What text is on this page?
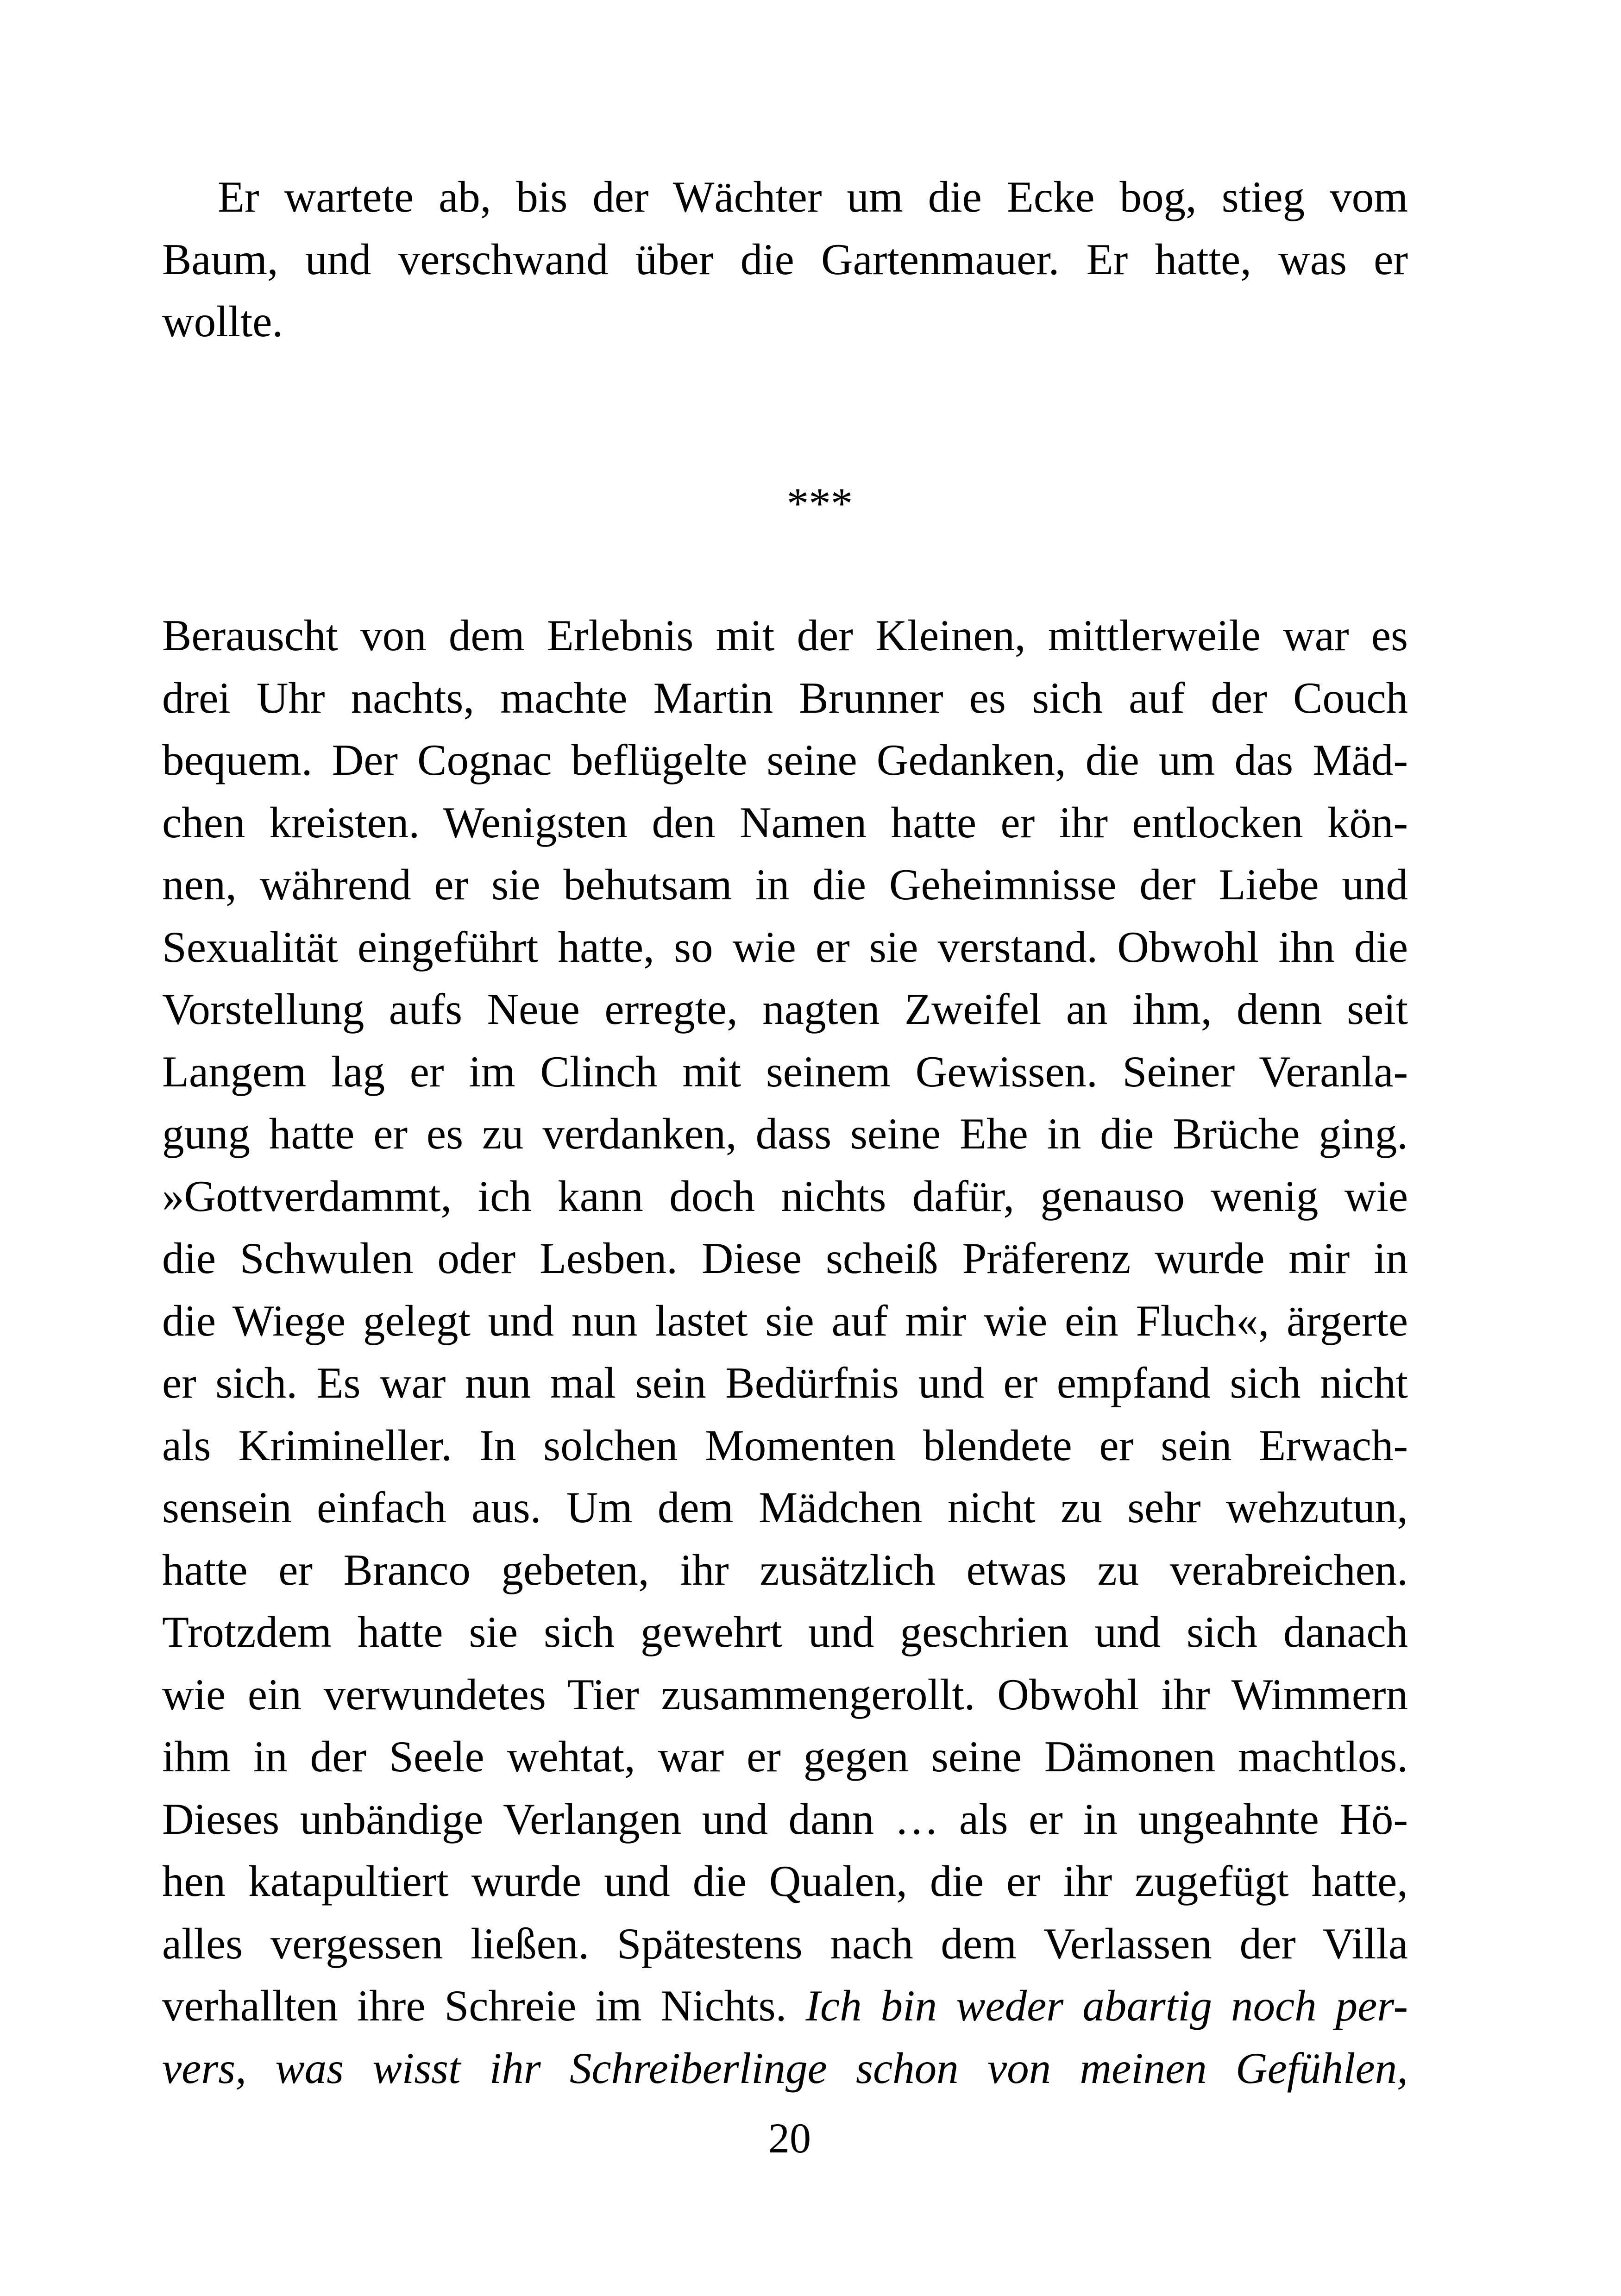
Er wartete ab, bis der Wächter um die Ecke bog, stieg vom
Baum, und verschwand über die Gartenmauer. Er hatte, was er
wollte.
***
Berauscht von dem Erlebnis mit der Kleinen, mittlerweile war es
drei Uhr nachts, machte Martin Brunner es sich auf der Couch
bequem. Der Cognac beflügelte seine Gedanken, die um das Mäd-
chen kreisten. Wenigsten den Namen hatte er ihr entlocken kön-
nen, während er sie behutsam in die Geheimnisse der Liebe und
Sexualität eingeführt hatte, so wie er sie verstand. Obwohl ihn die
Vorstellung aufs Neue erregte, nagten Zweifel an ihm, denn seit
Langem lag er im Clinch mit seinem Gewissen. Seiner Veranla-
gung hatte er es zu verdanken, dass seine Ehe in die Brüche ging.
»Gottverdammt, ich kann doch nichts dafür, genauso wenig wie
die Schwulen oder Lesben. Diese scheiß Präferenz wurde mir in
die Wiege gelegt und nun lastet sie auf mir wie ein Fluch«, ärgerte
er sich. Es war nun mal sein Bedürfnis und er empfand sich nicht
als Krimineller. In solchen Momenten blendete er sein Erwach-
sensein einfach aus. Um dem Mädchen nicht zu sehr wehzutun,
hatte er Branco gebeten, ihr zusätzlich etwas zu verabreichen.
Trotzdem hatte sie sich gewehrt und geschrien und sich danach
wie ein verwundetes Tier zusammengerollt. Obwohl ihr Wimmern
ihm in der Seele wehtat, war er gegen seine Dämonen machtlos.
Dieses unbändige Verlangen und dann … als er in ungeahnte Hö-
hen katapultiert wurde und die Qualen, die er ihr zugefügt hatte,
alles vergessen ließen. Spätestens nach dem Verlassen der Villa
verhallten ihre Schreie im Nichts. Ich bin weder abartig noch per-
vers, was wisst ihr Schreiberlinge schon von meinen Gefühlen,
20
